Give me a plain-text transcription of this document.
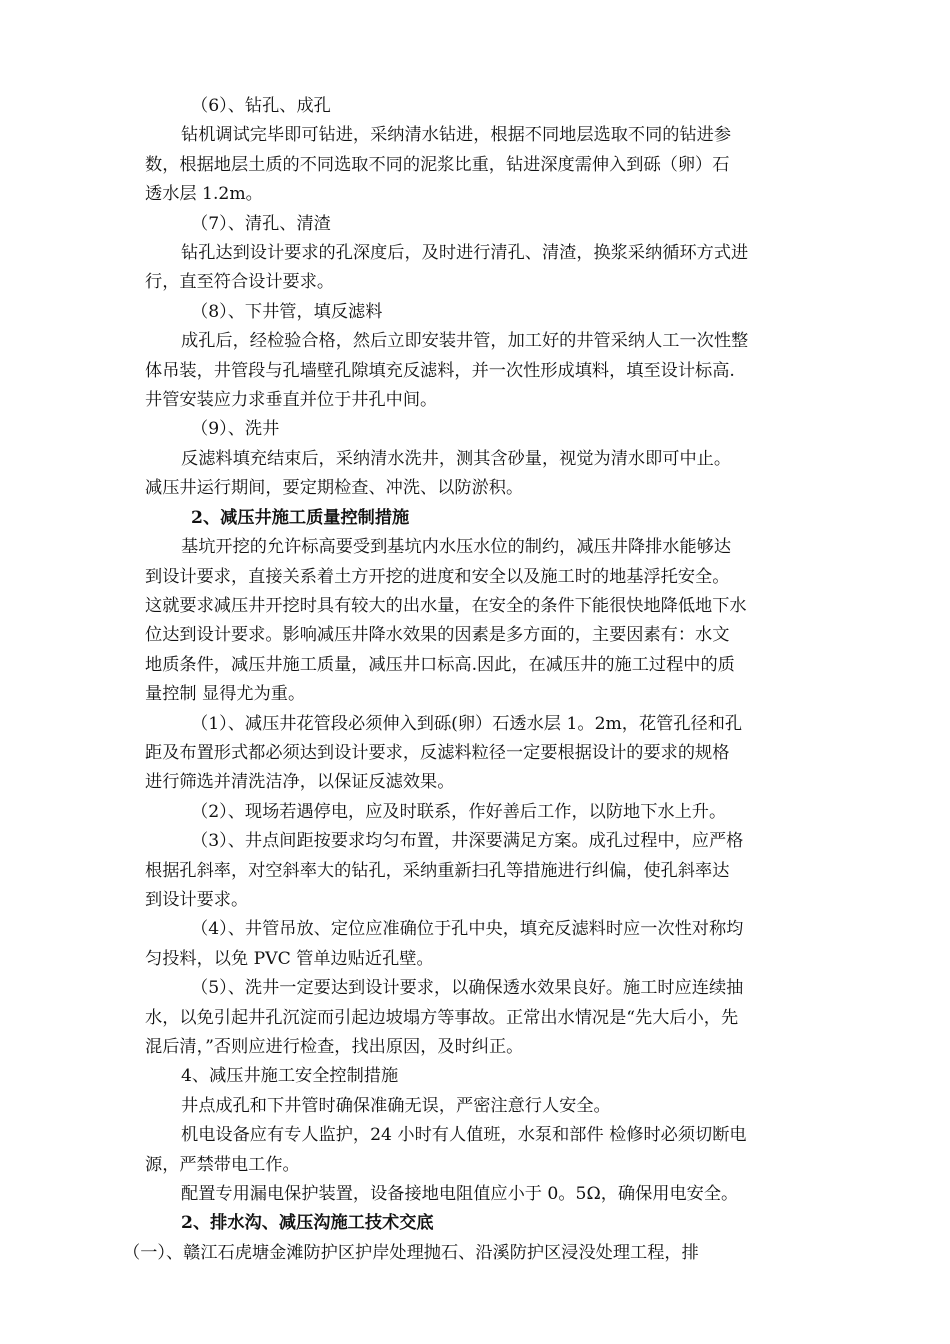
（6）、钻孔、成孔

钻机调试完毕即可钻进，采纳清水钻进，根据不同地层选取不同的钻进参

数，根据地层土质的不同选取不同的泥浆比重，钻进深度需伸入到砾（卵）石

透水层 1.2m。

（7）、清孔、清渣

钻孔达到设计要求的孔深度后，及时进行清孔、清渣，换浆采纳循环方式进

行，直至符合设计要求。

（8）、下井管，填反滤料

成孔后，经检验合格，然后立即安装井管，加工好的井管采纳人工一次性整

体吊装，井管段与孔墙壁孔隙填充反滤料，并一次性形成填料，填至设计标高.

井管安装应力求垂直并位于井孔中间。

（9）、洗井

反滤料填充结束后，采纳清水洗井，测其含砂量，视觉为清水即可中止。

减压井运行期间，要定期检查、冲洗、以防淤积。

2、减压井施工质量控制措施

基坑开挖的允许标高要受到基坑内水压水位的制约，减压井降排水能够达

到设计要求，直接关系着土方开挖的进度和安全以及施工时的地基浮托安全。

这就要求减压井开挖时具有较大的出水量，在安全的条件下能很快地降低地下水

位达到设计要求。影响减压井降水效果的因素是多方面的，主要因素有：水文

地质条件，减压井施工质量，减压井口标高.因此，在减压井的施工过程中的质

量控制 显得尤为重。

（1）、减压井花管段必须伸入到砾(卵）石透水层 1。2m，花管孔径和孔

距及布置形式都必须达到设计要求，反滤料粒径一定要根据设计的要求的规格

进行筛选并清洗洁净，以保证反滤效果。

（2）、现场若遇停电，应及时联系，作好善后工作，以防地下水上升。

（3）、井点间距按要求均匀布置，井深要满足方案。成孔过程中，应严格

根据孔斜率，对空斜率大的钻孔，采纳重新扫孔等措施进行纠偏，使孔斜率达

到设计要求。

（4）、井管吊放、定位应准确位于孔中央，填充反滤料时应一次性对称均

匀投料，以免 PVC 管单边贴近孔壁。

（5）、洗井一定要达到设计要求，以确保透水效果良好。施工时应连续抽

水，以免引起井孔沉淀而引起边坡塌方等事故。正常出水情况是“先大后小，先

混后清，”否则应进行检查，找出原因，及时纠正。

4、减压井施工安全控制措施

井点成孔和下井管时确保准确无误，严密注意行人安全。

机电设备应有专人监护，24 小时有人值班，水泵和部件 检修时必须切断电

源，严禁带电工作。

配置专用漏电保护装置，设备接地电阻值应小于 0。5Ω，确保用电安全。

2、排水沟、减压沟施工技术交底

（一）、赣江石虎塘金滩防护区护岸处理抛石、沿溪防护区浸没处理工程，排
